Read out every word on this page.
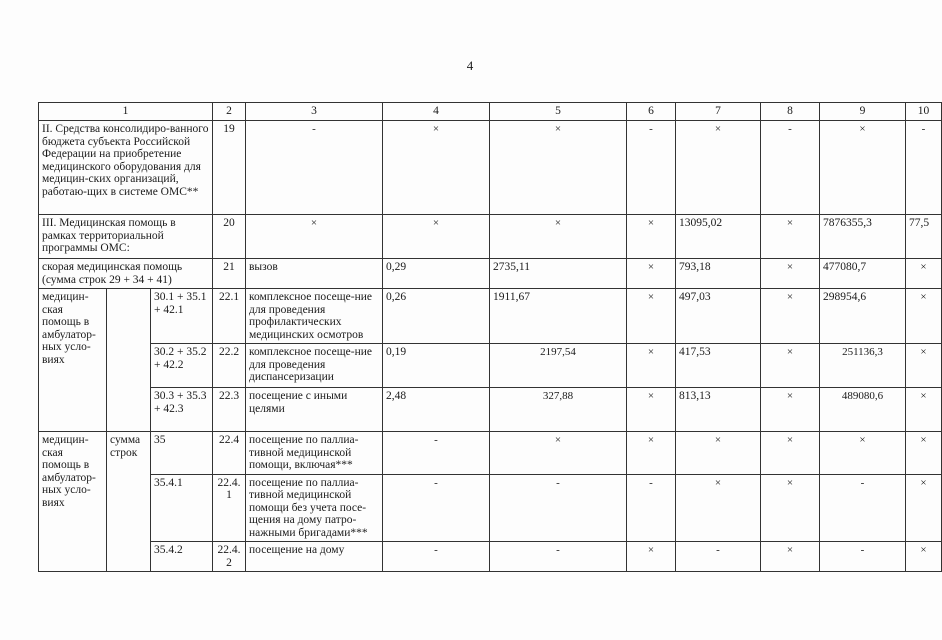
4
1			2	3	4	5	6	7	8	9	10
II. Средства консолидиро-ванного бюджета субъекта Российской Федерации на приобретение медицинского оборудования для медицин-ских организаций, работаю-щих в системе ОМС**			19	-	×	×	-	×	-	×	-
III. Медицинская помощь в рамках территориальной программы ОМС:			20	×	×	×	×	13095,02	×	7876355,3	77,5
скорая медицинская помощь (сумма строк 29 + 34 + 41)			21	вызов	0,29	2735,11	×	793,18	×	477080,7	×
медицин-ская помощь в амбулатор-ных усло-виях		30.1 + 35.1 + 42.1	22.1	комплексное посеще-ние для проведения профилактических медицинских осмотров	0,26	1911,67	×	497,03	×	298954,6	×
		30.2 + 35.2 + 42.2	22.2	комплексное посеще-ние для проведения диспансеризации	0,19	2197,54	×	417,53	×	251136,3	×
		30.3 + 35.3 + 42.3	22.3	посещение с иными целями	2,48	327,88	×	813,13	×	489080,6	×
медицин-ская помощь в амбулатор-ных усло-виях	сумма строк	35	22.4	посещение по паллиа-тивной медицинской помощи, включая***	-	×	×	×	×	×	×
		35.4.1	22.4.1	посещение по паллиа-тивной медицинской помощи без учета посе-щения на дому патро-нажными бригадами***	-	-	-	×	×	-	×
		35.4.2	22.4.2	посещение на дому	-	-	×	-	×	-	×
